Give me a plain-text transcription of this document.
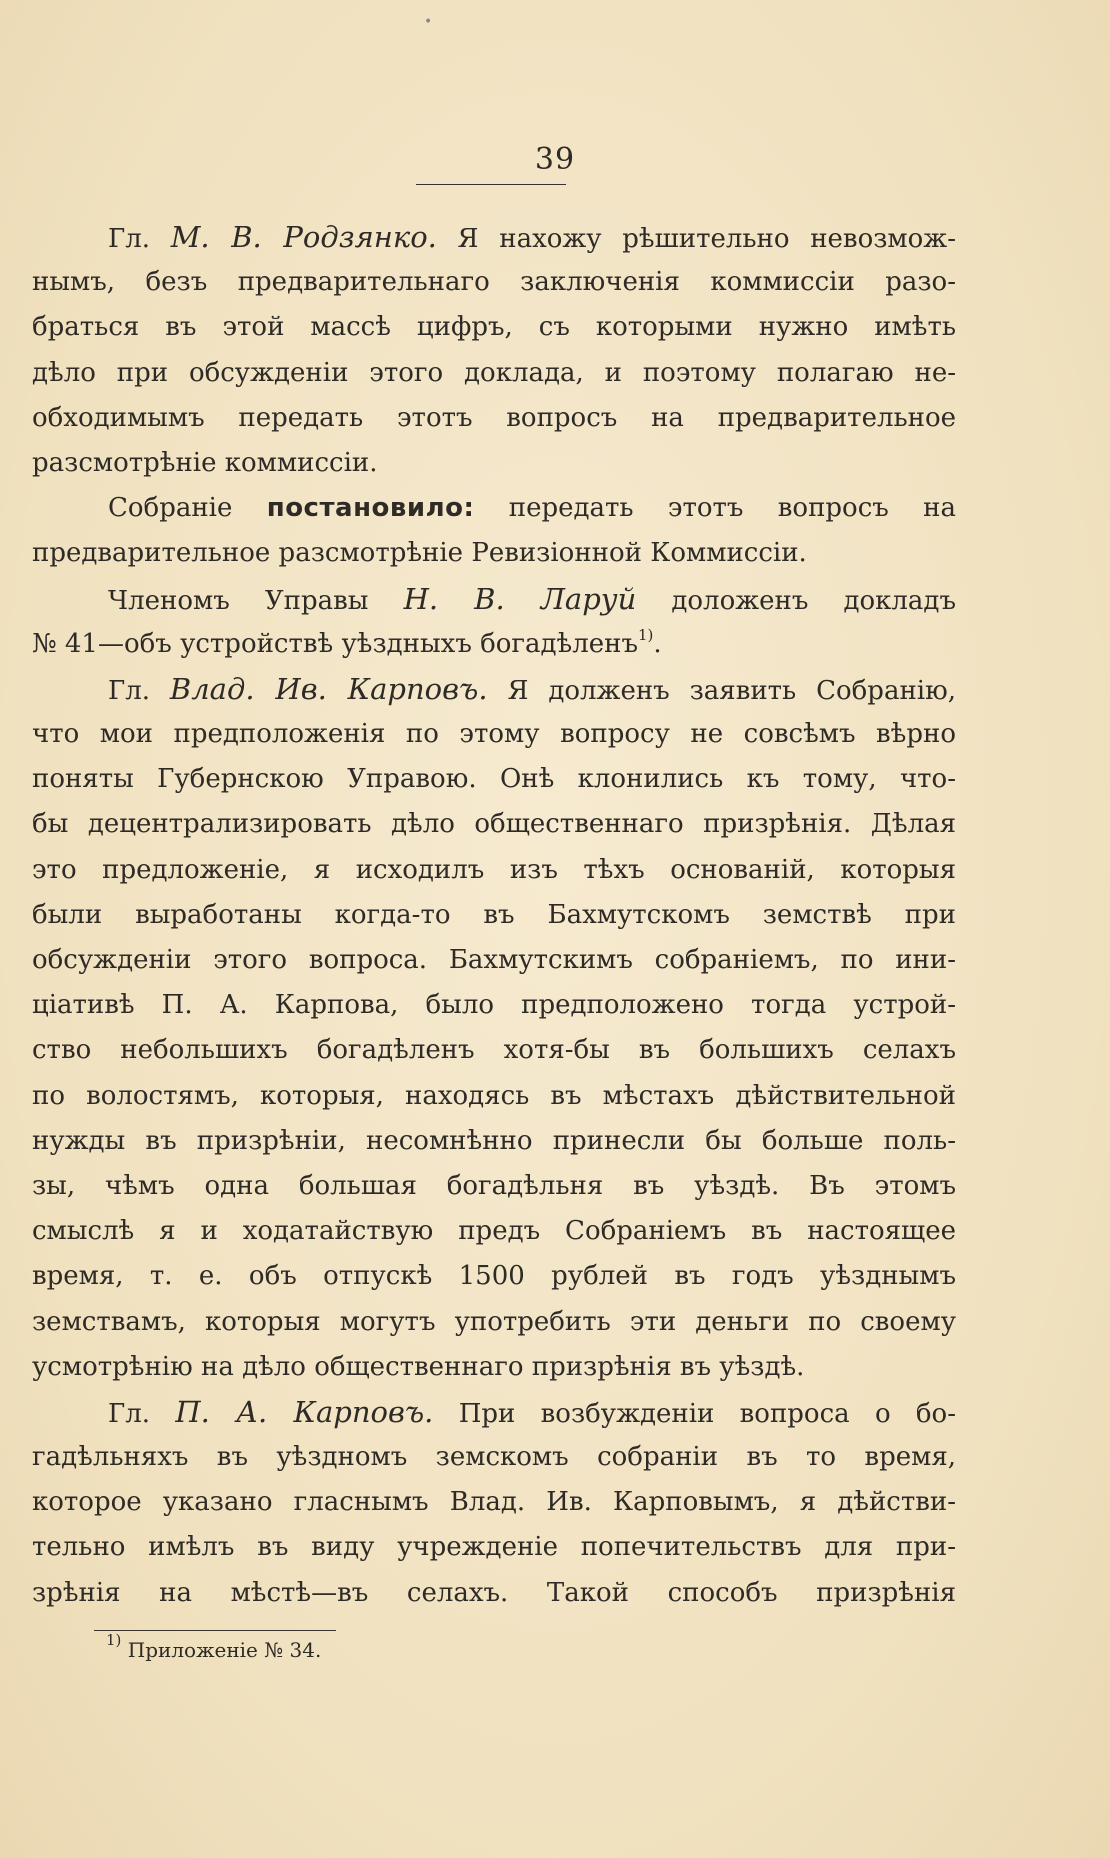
•
39
Гл. М. В. Родзянко. Я нахожу рѣшительно невозмож-
нымъ, безъ предварительнаго заключенія коммиссіи разо-
браться въ этой массѣ цифръ, съ которыми нужно имѣть
дѣло при обсужденіи этого доклада, и поэтому полагаю не-
обходимымъ передать этотъ вопросъ на предварительное
разсмотрѣніе коммиссіи.
Собраніе постановило: передать этотъ вопросъ на
предварительное разсмотрѣніе Ревизіонной Коммиссіи.
Членомъ Управы Н. В. Ларуй доложенъ докладъ
№ 41—объ устройствѣ уѣздныхъ богадѣленъ$^{1)}$.
Гл. Влад. Ив. Карповъ. Я долженъ заявить Собранію,
что мои предположенія по этому вопросу не совсѣмъ вѣрно
поняты Губернскою Управою. Онѣ клонились къ тому, что-
бы децентрализировать дѣло общественнаго призрѣнія. Дѣлая
это предложеніе, я исходилъ изъ тѣхъ основаній, которыя
были выработаны когда-то въ Бахмутскомъ земствѣ при
обсужденіи этого вопроса. Бахмутскимъ собраніемъ, по ини-
ціативѣ П. А. Карпова, было предположено тогда устрой-
ство небольшихъ богадѣленъ хотя-бы въ большихъ селахъ
по волостямъ, которыя, находясь въ мѣстахъ дѣйствительной
нужды въ призрѣніи, несомнѣнно принесли бы больше поль-
зы, чѣмъ одна большая богадѣльня въ уѣздѣ. Въ этомъ
смыслѣ я и ходатайствую предъ Собраніемъ въ настоящее
время, т. е. объ отпускѣ 1500 рублей въ годъ уѣзднымъ
земствамъ, которыя могутъ употребить эти деньги по своему
усмотрѣнію на дѣло общественнаго призрѣнія въ уѣздѣ.
Гл. П. А. Карповъ. При возбужденіи вопроса о бо-
гадѣльняхъ въ уѣздномъ земскомъ собраніи въ то время,
которое указано гласнымъ Влад. Ив. Карповымъ, я дѣйстви-
тельно имѣлъ въ виду учрежденіе попечительствъ для при-
зрѣнія на мѣстѣ—въ селахъ. Такой способъ призрѣнія
$^{1)}$ Приложеніе № 34.
